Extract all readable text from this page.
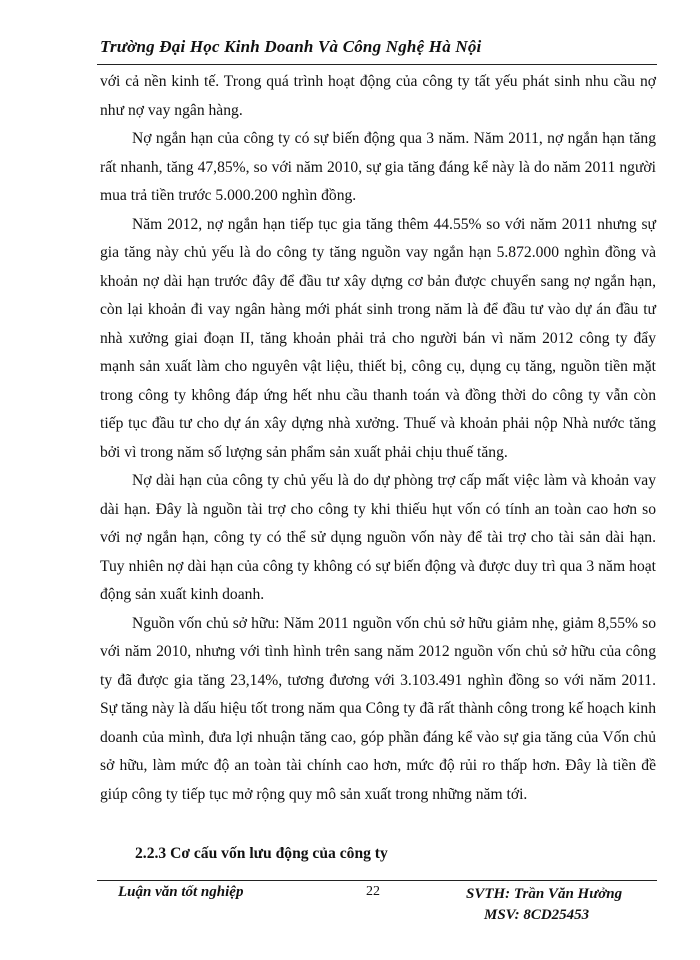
Trường Đại Học Kinh Doanh Và Công Nghệ Hà Nội

với cả nền kinh tế. Trong quá trình hoạt động của công ty tất yếu phát sinh nhu cầu nợ như nợ vay ngân hàng.

Nợ ngắn hạn của công ty có sự biến động qua 3 năm. Năm 2011, nợ ngắn hạn tăng rất nhanh, tăng 47,85%, so với năm 2010, sự gia tăng đáng kể này là do năm 2011 người mua trả tiền trước 5.000.200 nghìn đồng.

Năm 2012, nợ ngắn hạn tiếp tục gia tăng thêm 44.55% so với năm 2011 nhưng sự gia tăng này chủ yếu là do công ty tăng nguồn vay ngắn hạn 5.872.000 nghìn đồng và khoản nợ dài hạn trước đây để đầu tư xây dựng cơ bản được chuyển sang nợ ngắn hạn, còn lại khoản đi vay ngân hàng mới phát sinh trong năm là để đầu tư vào dự án đầu tư nhà xưởng giai đoạn II, tăng khoản phải trả cho người bán vì năm 2012 công ty đẩy mạnh sản xuất làm cho nguyên vật liệu, thiết bị, công cụ, dụng cụ tăng, nguồn tiền mặt trong công ty không đáp ứng hết nhu cầu thanh toán và đồng thời do công ty vẫn còn tiếp tục đầu tư cho dự án xây dựng nhà xưởng. Thuế và khoản phải nộp Nhà nước tăng bởi vì trong năm số lượng sản phẩm sản xuất phải chịu thuế tăng.

Nợ dài hạn của công ty chủ yếu là do dự phòng trợ cấp mất việc làm và khoản vay dài hạn. Đây là nguồn tài trợ cho công ty khi thiếu hụt vốn có tính an toàn cao hơn so với nợ ngắn hạn, công ty có thể sử dụng nguồn vốn này để tài trợ cho tài sản dài hạn. Tuy nhiên nợ dài hạn của công ty không có sự biến động và được duy trì qua 3 năm hoạt động sản xuất kinh doanh.

Nguồn vốn chủ sở hữu: Năm 2011 nguồn vốn chủ sở hữu giảm nhẹ, giảm 8,55% so với năm 2010, nhưng với tình hình trên sang năm 2012 nguồn vốn chủ sở hữu của công ty đã được gia tăng 23,14%, tương đương với 3.103.491 nghìn đồng so với năm 2011. Sự tăng này là dấu hiệu tốt trong năm qua Công ty đã rất thành công trong kế hoạch kinh doanh của mình, đưa lợi nhuận tăng cao, góp phần đáng kể vào sự gia tăng của Vốn chủ sở hữu, làm mức độ an toàn tài chính cao hơn, mức độ rủi ro thấp hơn. Đây là tiền đề giúp công ty tiếp tục mở rộng quy mô sản xuất trong những năm tới.

2.2.3 Cơ cấu vốn lưu động của công ty
Luận văn tốt nghiệp	22	SVTH: Trần Văn Hưởng
MSV: 8CD25453
